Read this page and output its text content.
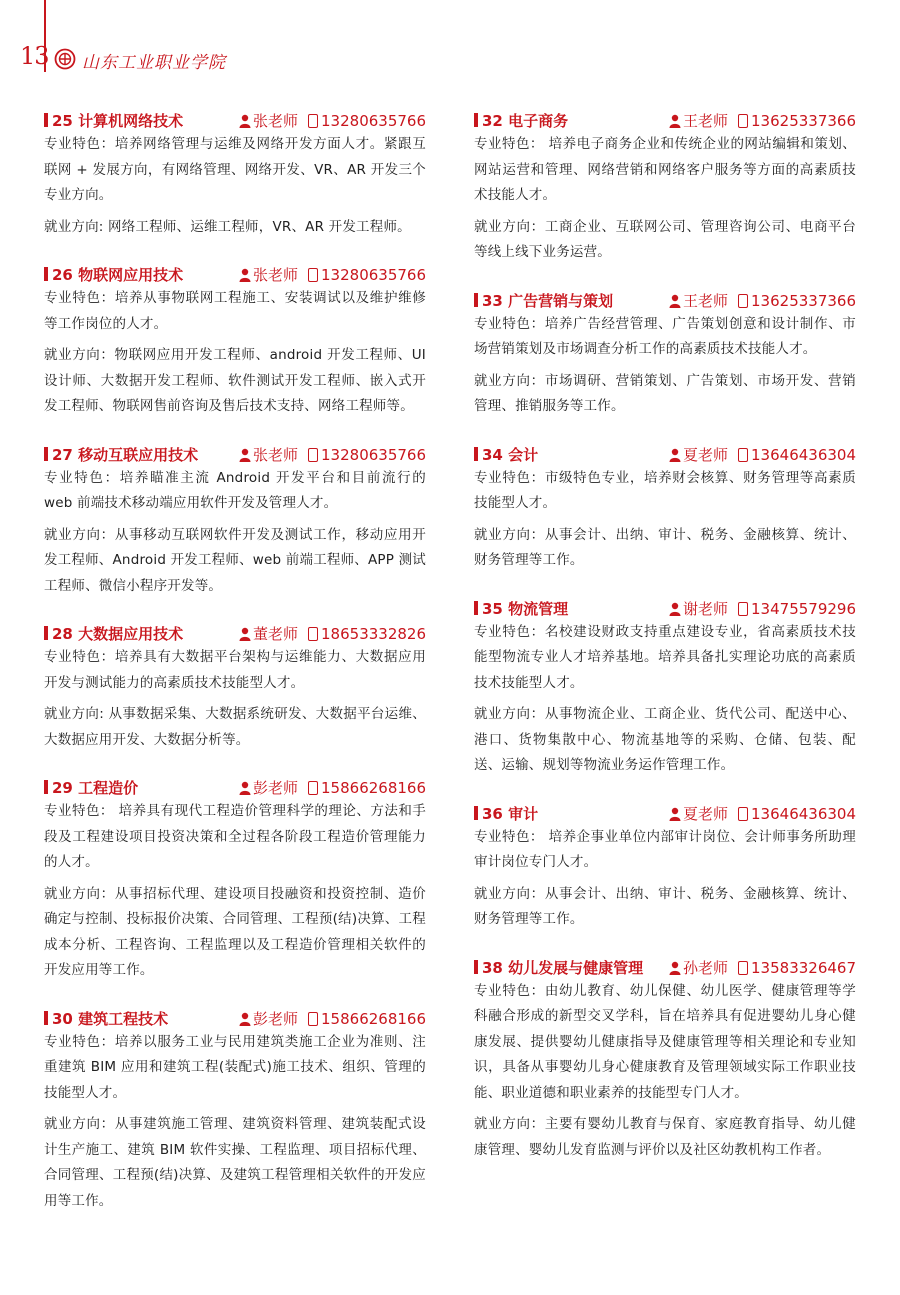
13 山东工业职业学院
25 计算机网络技术	张老师 13280635766

专业特色：培养网络管理与运维及网络开发方面人才。紧跟互联网 + 发展方向，有网络管理、网络开发、VR、AR 开发三个专业方向。

就业方向: 网络工程师、运维工程师，VR、AR 开发工程师。

26 物联网应用技术	张老师 13280635766

专业特色：培养从事物联网工程施工、安装调试以及维护维修等工作岗位的人才。

就业方向：物联网应用开发工程师、android 开发工程师、UI 设计师、大数据开发工程师、软件测试开发工程师、嵌入式开发工程师、物联网售前咨询及售后技术支持、网络工程师等。

27 移动互联应用技术	张老师 13280635766

专业特色：培养瞄准主流 Android 开发平台和目前流行的 web 前端技术移动端应用软件开发及管理人才。

就业方向：从事移动互联网软件开发及测试工作，移动应用开发工程师、Android 开发工程师、web 前端工程师、APP 测试工程师、微信小程序开发等。

28 大数据应用技术	董老师 18653332826

专业特色：培养具有大数据平台架构与运维能力、大数据应用开发与测试能力的高素质技术技能型人才。

就业方向: 从事数据采集、大数据系统研发、大数据平台运维、大数据应用开发、大数据分析等。

29 工程造价	彭老师 15866268166

专业特色： 培养具有现代工程造价管理科学的理论、方法和手段及工程建设项目投资决策和全过程各阶段工程造价管理能力的人才。

就业方向：从事招标代理、建设项目投融资和投资控制、造价确定与控制、投标报价决策、合同管理、工程预(结)决算、工程成本分析、工程咨询、工程监理以及工程造价管理相关软件的开发应用等工作。

30 建筑工程技术	彭老师 15866268166

专业特色：培养以服务工业与民用建筑类施工企业为准则、注重建筑 BIM 应用和建筑工程(装配式)施工技术、组织、管理的技能型人才。

就业方向：从事建筑施工管理、建筑资料管理、建筑装配式设计生产施工、建筑 BIM 软件实操、工程监理、项目招标代理、合同管理、工程预(结)决算、及建筑工程管理相关软件的开发应用等工作。

32 电子商务	王老师 13625337366

专业特色： 培养电子商务企业和传统企业的网站编辑和策划、网站运营和管理、网络营销和网络客户服务等方面的高素质技术技能人才。

就业方向：工商企业、互联网公司、管理咨询公司、电商平台等线上线下业务运营。

33 广告营销与策划	王老师 13625337366

专业特色：培养广告经营管理、广告策划创意和设计制作、市场营销策划及市场调查分析工作的高素质技术技能人才。

就业方向：市场调研、营销策划、广告策划、市场开发、营销管理、推销服务等工作。

34 会计	夏老师 13646436304

专业特色：市级特色专业，培养财会核算、财务管理等高素质技能型人才。

就业方向：从事会计、出纳、审计、税务、金融核算、统计、财务管理等工作。

35 物流管理	谢老师 13475579296

专业特色：名校建设财政支持重点建设专业，省高素质技术技能型物流专业人才培养基地。培养具备扎实理论功底的高素质技术技能型人才。

就业方向：从事物流企业、工商企业、货代公司、配送中心、港口、货物集散中心、物流基地等的采购、仓储、包装、配送、运输、规划等物流业务运作管理工作。

36 审计	夏老师 13646436304

专业特色： 培养企事业单位内部审计岗位、会计师事务所助理审计岗位专门人才。

就业方向：从事会计、出纳、审计、税务、金融核算、统计、财务管理等工作。

38 幼儿发展与健康管理	孙老师 13583326467

专业特色：由幼儿教育、幼儿保健、幼儿医学、健康管理等学科融合形成的新型交叉学科，旨在培养具有促进婴幼儿身心健康发展、提供婴幼儿健康指导及健康管理等相关理论和专业知识，具备从事婴幼儿身心健康教育及管理领域实际工作职业技能、职业道德和职业素养的技能型专门人才。

就业方向：主要有婴幼儿教育与保育、家庭教育指导、幼儿健康管理、婴幼儿发育监测与评价以及社区幼教机构工作者。
